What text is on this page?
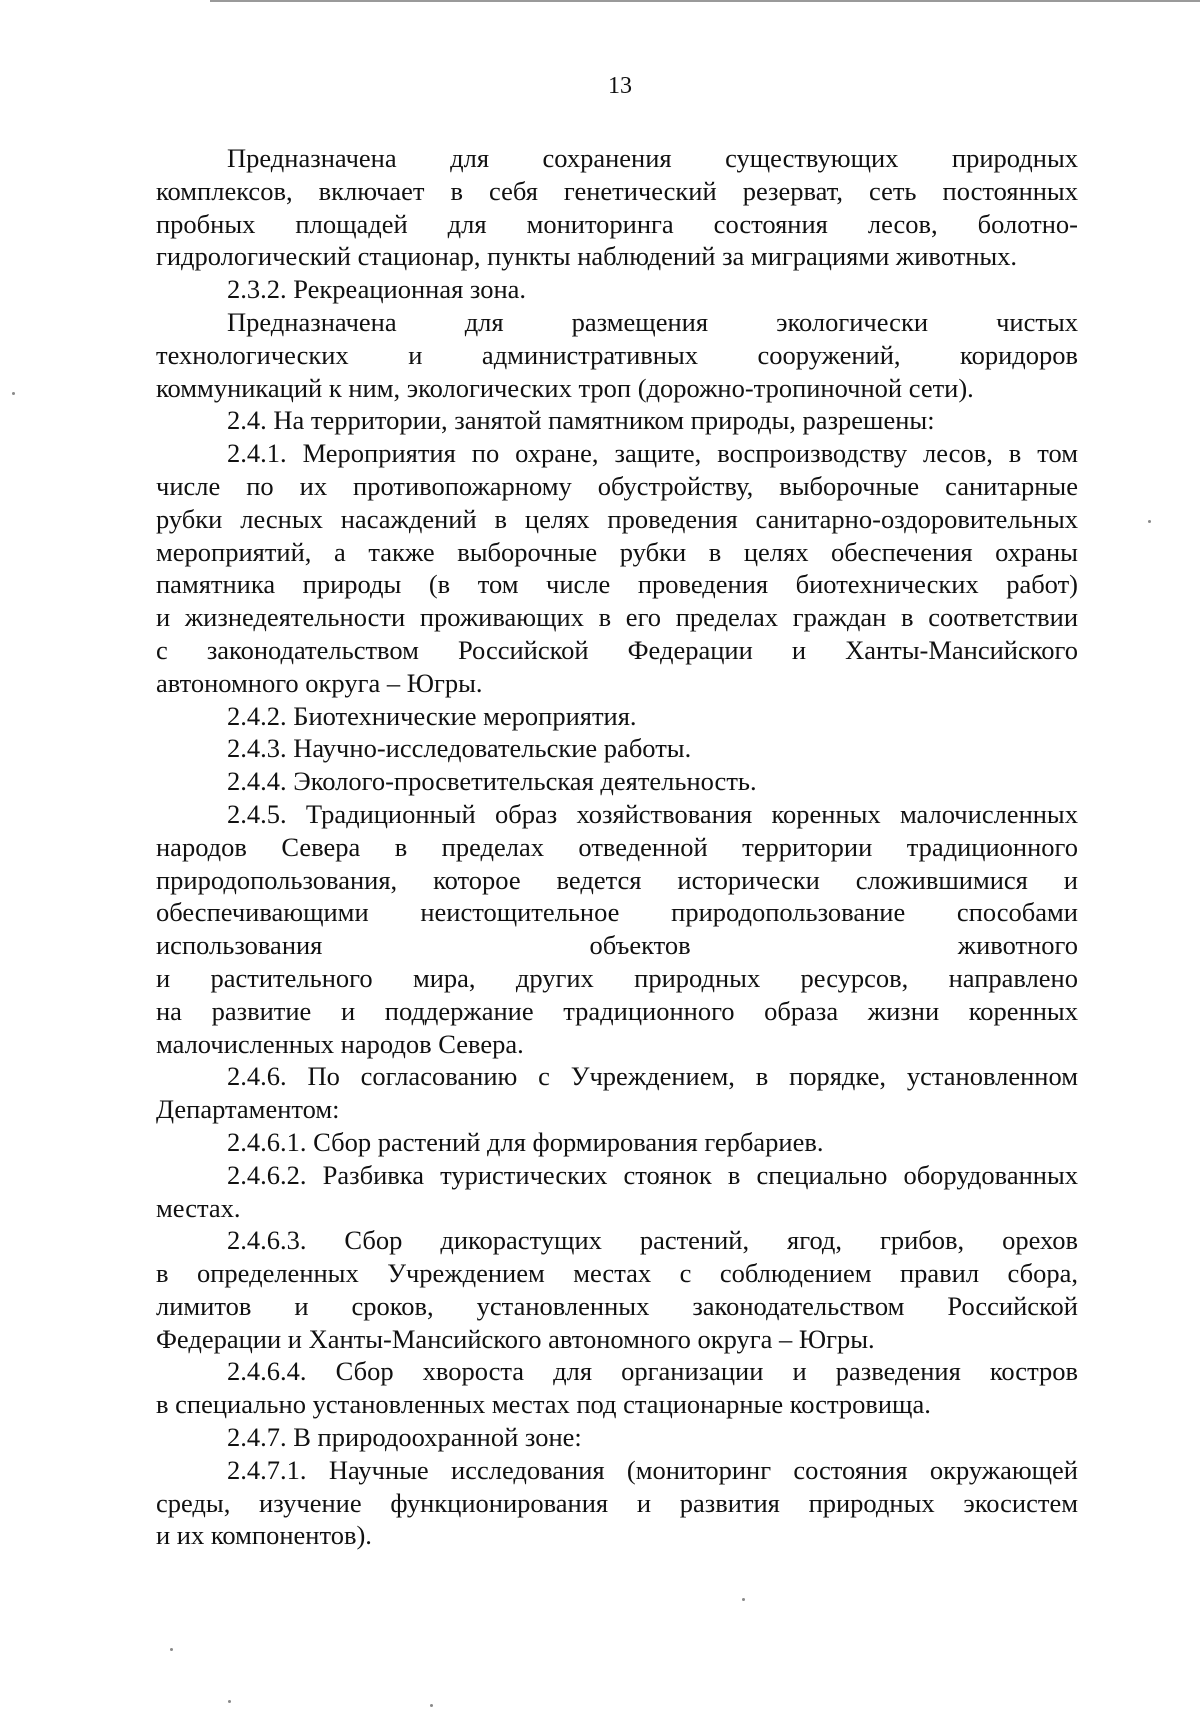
13
Предназначена для сохранения существующих природных
комплексов, включает в себя генетический резерват, сеть постоянных
пробных площадей для мониторинга состояния лесов, болотно-
гидрологический стационар, пункты наблюдений за миграциями животных.
2.3.2. Рекреационная зона.
Предназначена для размещения экологически чистых
технологических и административных сооружений, коридоров
коммуникаций к ним, экологических троп (дорожно-тропиночной сети).
2.4. На территории, занятой памятником природы, разрешены:
2.4.1. Мероприятия по охране, защите, воспроизводству лесов, в том
числе по их противопожарному обустройству, выборочные санитарные
рубки лесных насаждений в целях проведения санитарно-оздоровительных
мероприятий, а также выборочные рубки в целях обеспечения охраны
памятника природы (в том числе проведения биотехнических работ)
и жизнедеятельности проживающих в его пределах граждан в соответствии
с законодательством Российской Федерации и Ханты-Мансийского
автономного округа – Югры.
2.4.2. Биотехнические мероприятия.
2.4.3. Научно-исследовательские работы.
2.4.4. Эколого-просветительская деятельность.
2.4.5. Традиционный образ хозяйствования коренных малочисленных
народов Севера в пределах отведенной территории традиционного
природопользования, которое ведется исторически сложившимися и
обеспечивающими неистощительное природопользование способами
использования объектов животного
и растительного мира, других природных ресурсов, направлено
на развитие и поддержание традиционного образа жизни коренных
малочисленных народов Севера.
2.4.6. По согласованию с Учреждением, в порядке, установленном
Департаментом:
2.4.6.1. Сбор растений для формирования гербариев.
2.4.6.2. Разбивка туристических стоянок в специально оборудованных
местах.
2.4.6.3. Сбор дикорастущих растений, ягод, грибов, орехов
в определенных Учреждением местах с соблюдением правил сбора,
лимитов и сроков, установленных законодательством Российской
Федерации и Ханты-Мансийского автономного округа – Югры.
2.4.6.4. Сбор хвороста для организации и разведения костров
в специально установленных местах под стационарные костровища.
2.4.7. В природоохранной зоне:
2.4.7.1. Научные исследования (мониторинг состояния окружающей
среды, изучение функционирования и развития природных экосистем
и их компонентов).
